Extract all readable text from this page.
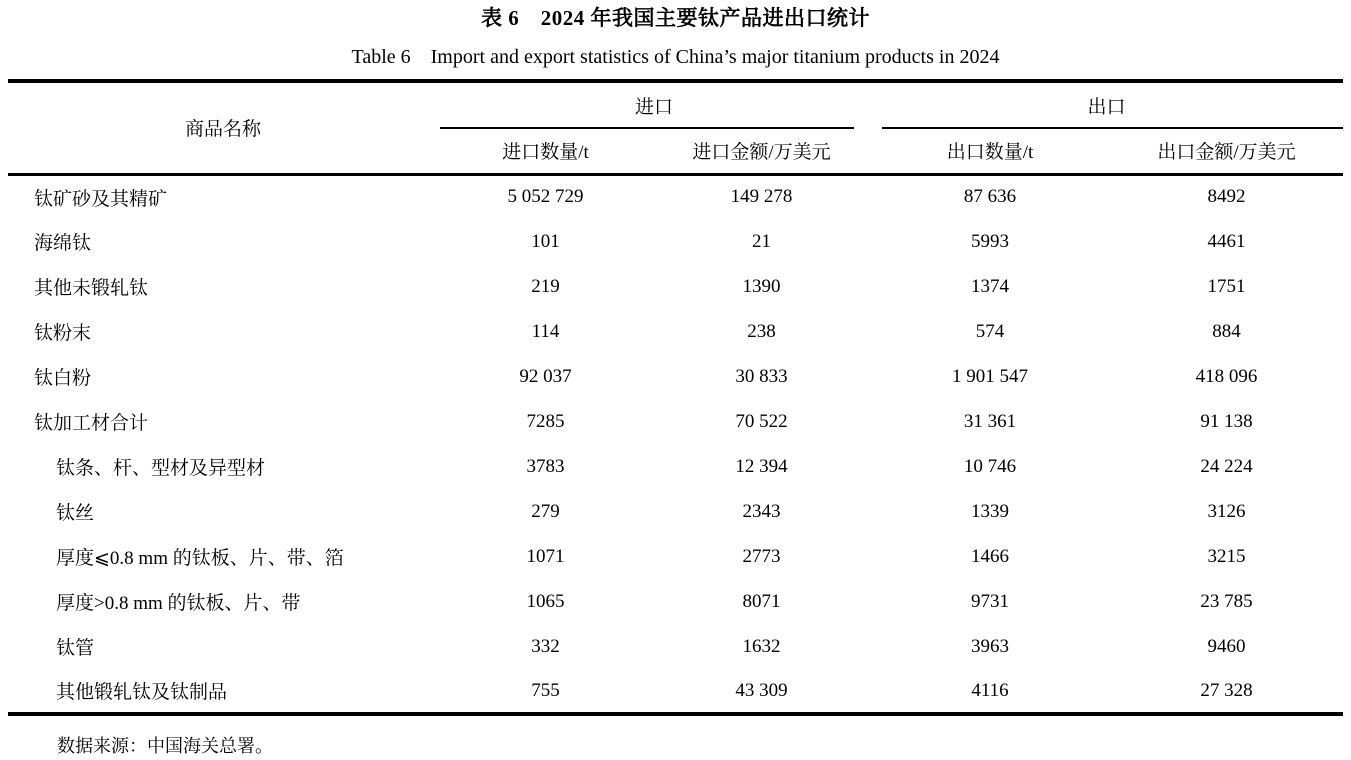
表 6　2024 年我国主要钛产品进出口统计
Table 6　Import and export statistics of China’s major titanium products in 2024
商品名称	进口		出口	
	进口数量/t	进口金额/万美元	出口数量/t	出口金额/万美元
钛矿砂及其精矿	5 052 729	149 278	87 636	8492
海绵钛	101	21	5993	4461
其他未锻轧钛	219	1390	1374	1751
钛粉末	114	238	574	884
钛白粉	92 037	30 833	1 901 547	418 096
钛加工材合计	7285	70 522	31 361	91 138
钛条、杆、型材及异型材	3783	12 394	10 746	24 224
钛丝	279	2343	1339	3126
厚度⩽0.8 mm 的钛板、片、带、箔	1071	2773	1466	3215
厚度>0.8 mm 的钛板、片、带	1065	8071	9731	23 785
钛管	332	1632	3963	9460
其他锻轧钛及钛制品	755	43 309	4116	27 328
数据来源：中国海关总署。
